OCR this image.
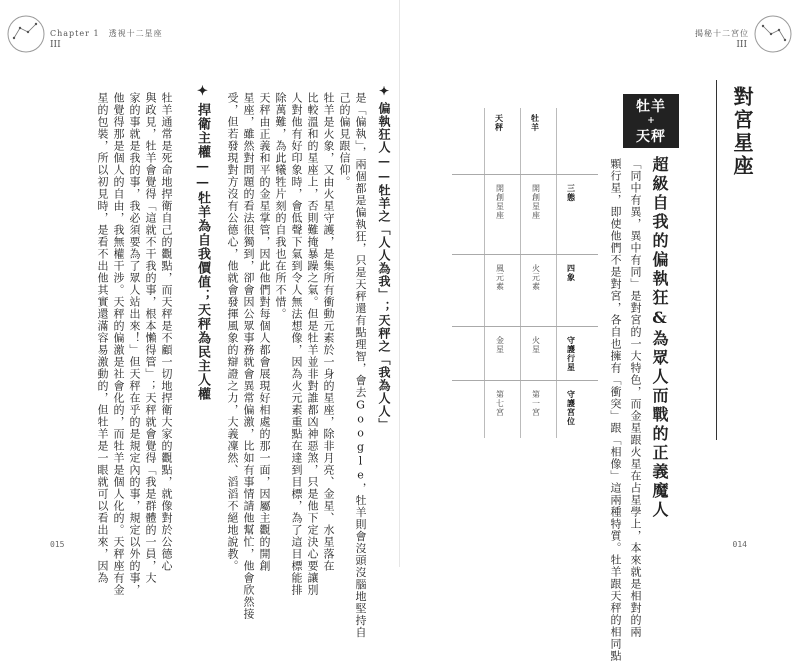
Chapter 1　透視十二星座
III
015	是「偏執」，兩個都是偏執狂，只是天秤還有點理智，會去Google，牡羊則會沒頭沒腦地堅持自
己的偏見跟信仰。
牡羊是火象，又由火星守護，是集所有衝動元素於一身的星座，除非月亮、金星、水星落在
比較溫和的星座上，否則難掩暴躁之氣。但是牡羊並非對誰都凶神惡煞，只是他下定決心要讓別
人對他有好印象時，會低聲下氣到令人無法想像，因為火元素重點在達到目標，為了這目標能排
除萬難，為此犧牲片刻的自我也在所不惜。
天秤由正義和平的金星掌管，因此他們對每個人都會展現好相處的那一面，因屬主觀的開創
星座，雖然對問題的看法很獨到，卻會因公眾事務就會異常偏激，比如有事情請他幫忙，他會欣然接
受，但若發現對方沒有公德心，他就會發揮風象的辯證之力，大義凜然、滔滔不絕地說教。
✦捍衛主權——牡羊為自我價值；天秤為民主人權
牡羊通常是死命地捍衛自己的觀點，而天秤是不顧一切地捍衛大家的觀點，就像對於公德心
與政見，牡羊會覺得「這就不干我的事，根本懶得管」；天秤就會覺得「我是群體的一員，大
家的事就是我的事，我必須要為了眾人站出來！」但天秤在乎的是規定內的事，規定以外的事，
他覺得那是個人的自由，我無權干涉。天秤的偏激是社會化的，而牡羊是個人化的。天秤座有金
星的包裝，所以初見時，是看不出他其實還滿容易激動的，但牡羊是一眼就可以看出來，因為
揭秘十二宮位
III
014
對宮星座
牡羊
+
天秤
超級自我的偏執狂&為眾人而戰的正義魔人
「同中有異，異中有同」是對宮的一大特色，而金星跟火星在占星學上，本來就是相對的兩
顆行星，即使他們不是對宮，各自也擁有「衝突」跟「相像」這兩種特質。牡羊跟天秤的相同點
三態
四象
守護行星
守護宮位
牡羊
開創星座
火元素
火星
第一宮
天秤
開創星座
風元素
金星
第七宮
✦偏執狂人——牡羊之「人人為我」；天秤之「我為人人」
